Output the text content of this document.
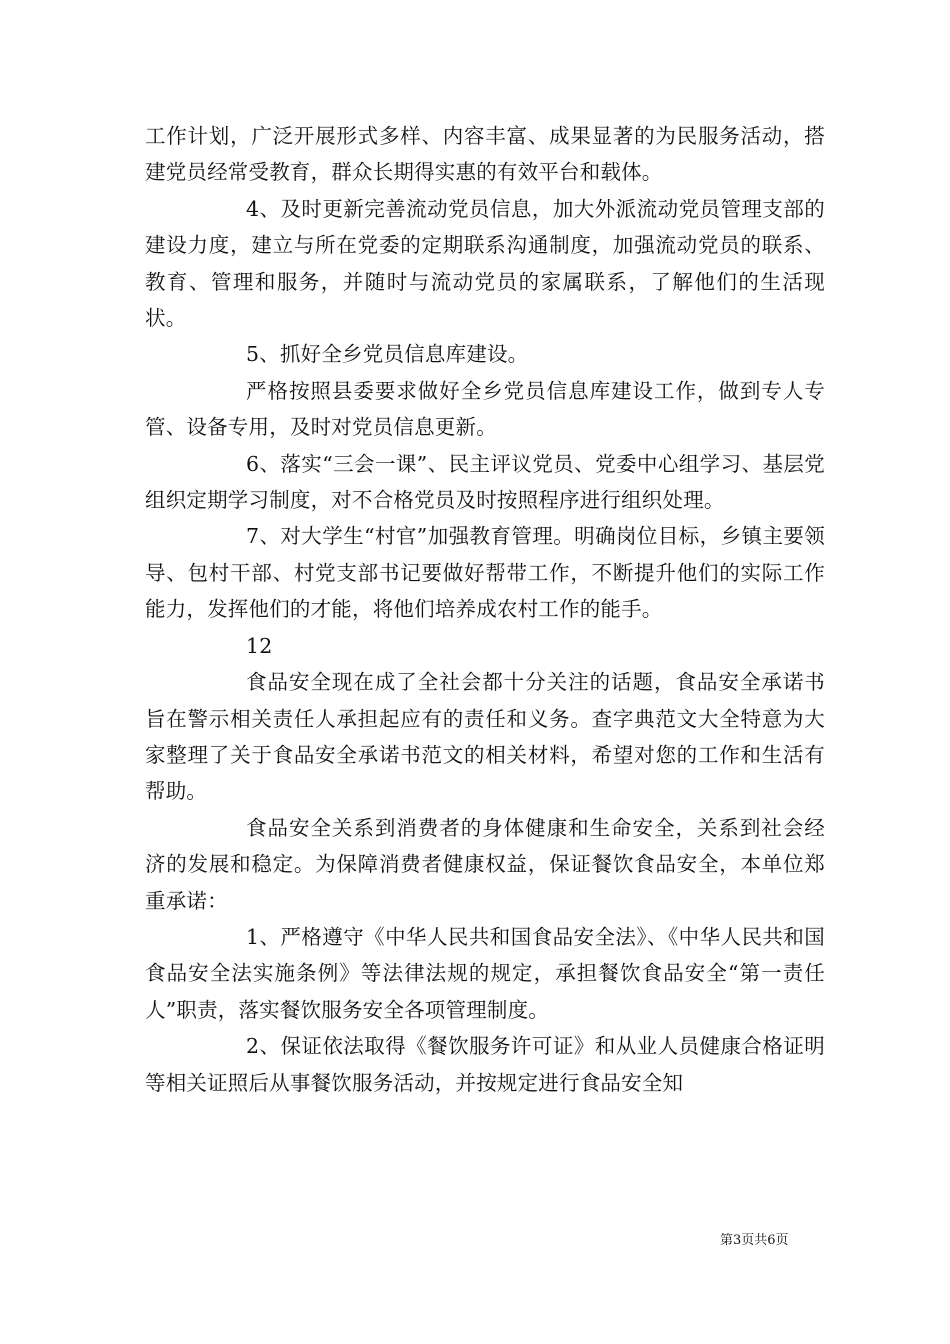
工作计划，广泛开展形式多样、内容丰富、成果显著的为民服务活动，搭建党员经常受教育，群众长期得实惠的有效平台和载体。

4、及时更新完善流动党员信息，加大外派流动党员管理支部的建设力度，建立与所在党委的定期联系沟通制度，加强流动党员的联系、教育、管理和服务，并随时与流动党员的家属联系，了解他们的生活现状。

5、抓好全乡党员信息库建设。

严格按照县委要求做好全乡党员信息库建设工作，做到专人专管、设备专用，及时对党员信息更新。

6、落实“三会一课”、民主评议党员、党委中心组学习、基层党组织定期学习制度，对不合格党员及时按照程序进行组织处理。

7、对大学生“村官”加强教育管理。明确岗位目标，乡镇主要领导、包村干部、村党支部书记要做好帮带工作，不断提升他们的实际工作能力，发挥他们的才能，将他们培养成农村工作的能手。

12

食品安全现在成了全社会都十分关注的话题，食品安全承诺书旨在警示相关责任人承担起应有的责任和义务。查字典范文大全特意为大家整理了关于食品安全承诺书范文的相关材料，希望对您的工作和生活有帮助。

食品安全关系到消费者的身体健康和生命安全，关系到社会经济的发展和稳定。为保障消费者健康权益，保证餐饮食品安全，本单位郑重承诺：

1、严格遵守《中华人民共和国食品安全法》、《中华人民共和国食品安全法实施条例》等法律法规的规定，承担餐饮食品安全“第一责任人”职责，落实餐饮服务安全各项管理制度。

2、保证依法取得《餐饮服务许可证》和从业人员健康合格证明等相关证照后从事餐饮服务活动，并按规定进行食品安全知

第3页共6页
